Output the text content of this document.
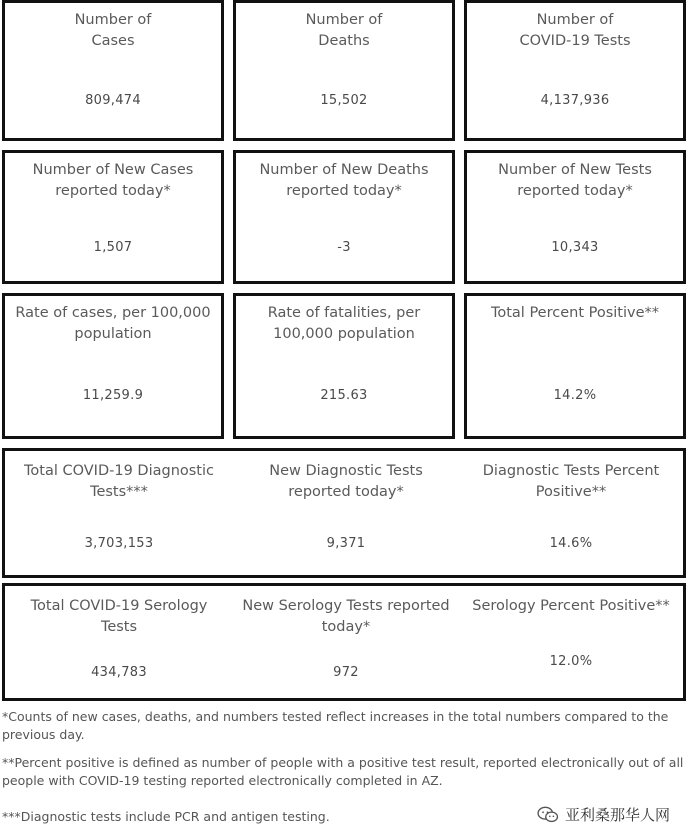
Number of
Cases
809,474
Number of
Deaths
15,502
Number of
COVID-19 Tests
4,137,936
Number of New Cases
reported today*
1,507
Number of New Deaths
reported today*
-3
Number of New Tests
reported today*
10,343
Rate of cases, per 100,000
population
11,259.9
Rate of fatalities, per
100,000 population
215.63
Total Percent Positive**
14.2%
Total COVID-19 Diagnostic
Tests***
3,703,153
New Diagnostic Tests
reported today*
9,371
Diagnostic Tests Percent
Positive**
14.6%
Total COVID-19 Serology
Tests
434,783
New Serology Tests reported
today*
972
Serology Percent Positive**
12.0%
*Counts of new cases, deaths, and numbers tested reflect increases in the total numbers compared to the previous day.
**Percent positive is defined as number of people with a positive test result, reported electronically out of all people with COVID-19 testing reported electronically completed in AZ.
***Diagnostic tests include PCR and antigen testing.	亚利桑那华人网
